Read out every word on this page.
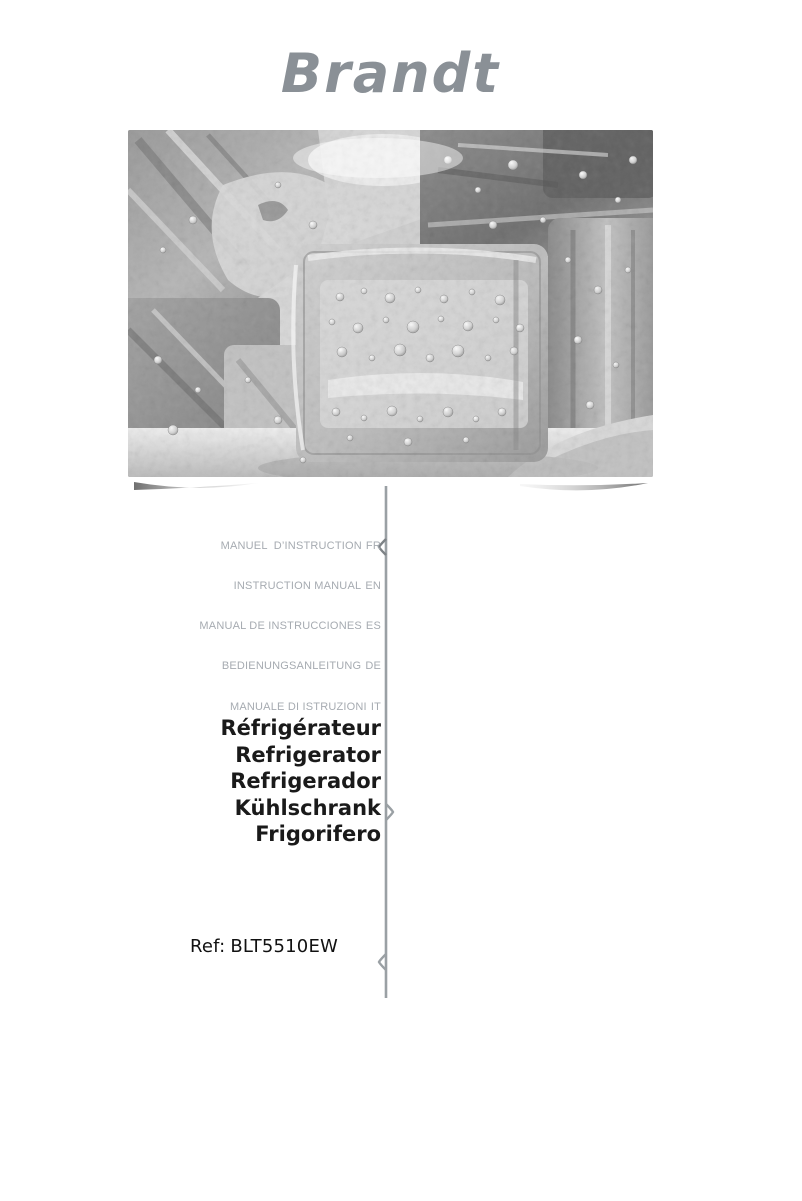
Brandt

MANUEL  D’INSTRUCTION FR

INSTRUCTION MANUAL EN

MANUAL DE INSTRUCCIONES ES

BEDIENUNGSANLEITUNG DE

MANUALE DI ISTRUZIONI IT

Réfrigérateur
Refrigerator
Refrigerador
Kühlschrank
Frigorifero
Ref: BLT5510EW
